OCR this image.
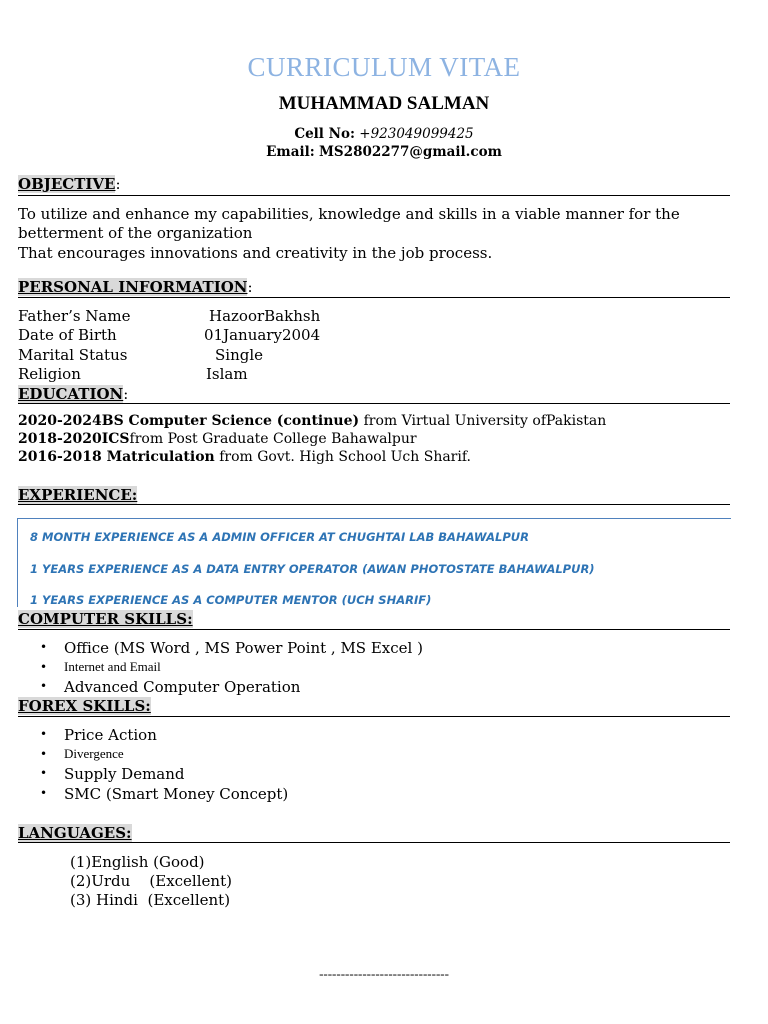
CURRICULUM VITAE
MUHAMMAD SALMAN
Cell No: +923049099425
Email: MS2802277@gmail.com
OBJECTIVE:
To utilize and enhance my capabilities, knowledge and skills in a viable manner for the
betterment of the organization
That encourages innovations and creativity in the job process.
PERSONAL INFORMATION:
Father’s Name	HazoorBakhsh
Date of Birth	01January2004
Marital Status	Single
Religion	Islam
EDUCATION:
2020-2024BS Computer Science (continue) from Virtual University ofPakistan
2018-2020ICSfrom Post Graduate College Bahawalpur
2016-2018 Matriculation from Govt. High School Uch Sharif.
EXPERIENCE:
8 MONTH EXPERIENCE AS A ADMIN OFFICER AT CHUGHTAI LAB BAHAWALPUR
1 YEARS EXPERIENCE AS A DATA ENTRY OPERATOR (AWAN PHOTOSTATE BAHAWALPUR)
1 YEARS EXPERIENCE AS A COMPUTER MENTOR (UCH SHARIF)
COMPUTER SKILLS:
• Office (MS Word , MS Power Point , MS Excel )
• Internet and Email
• Advanced Computer Operation
FOREX SKILLS:
• Price Action
• Divergence
• Supply Demand
• SMC (Smart Money Concept)
LANGUAGES:
(1)English (Good)
(2)Urdu    (Excellent)
(3) Hindi  (Excellent)
------------------------------
